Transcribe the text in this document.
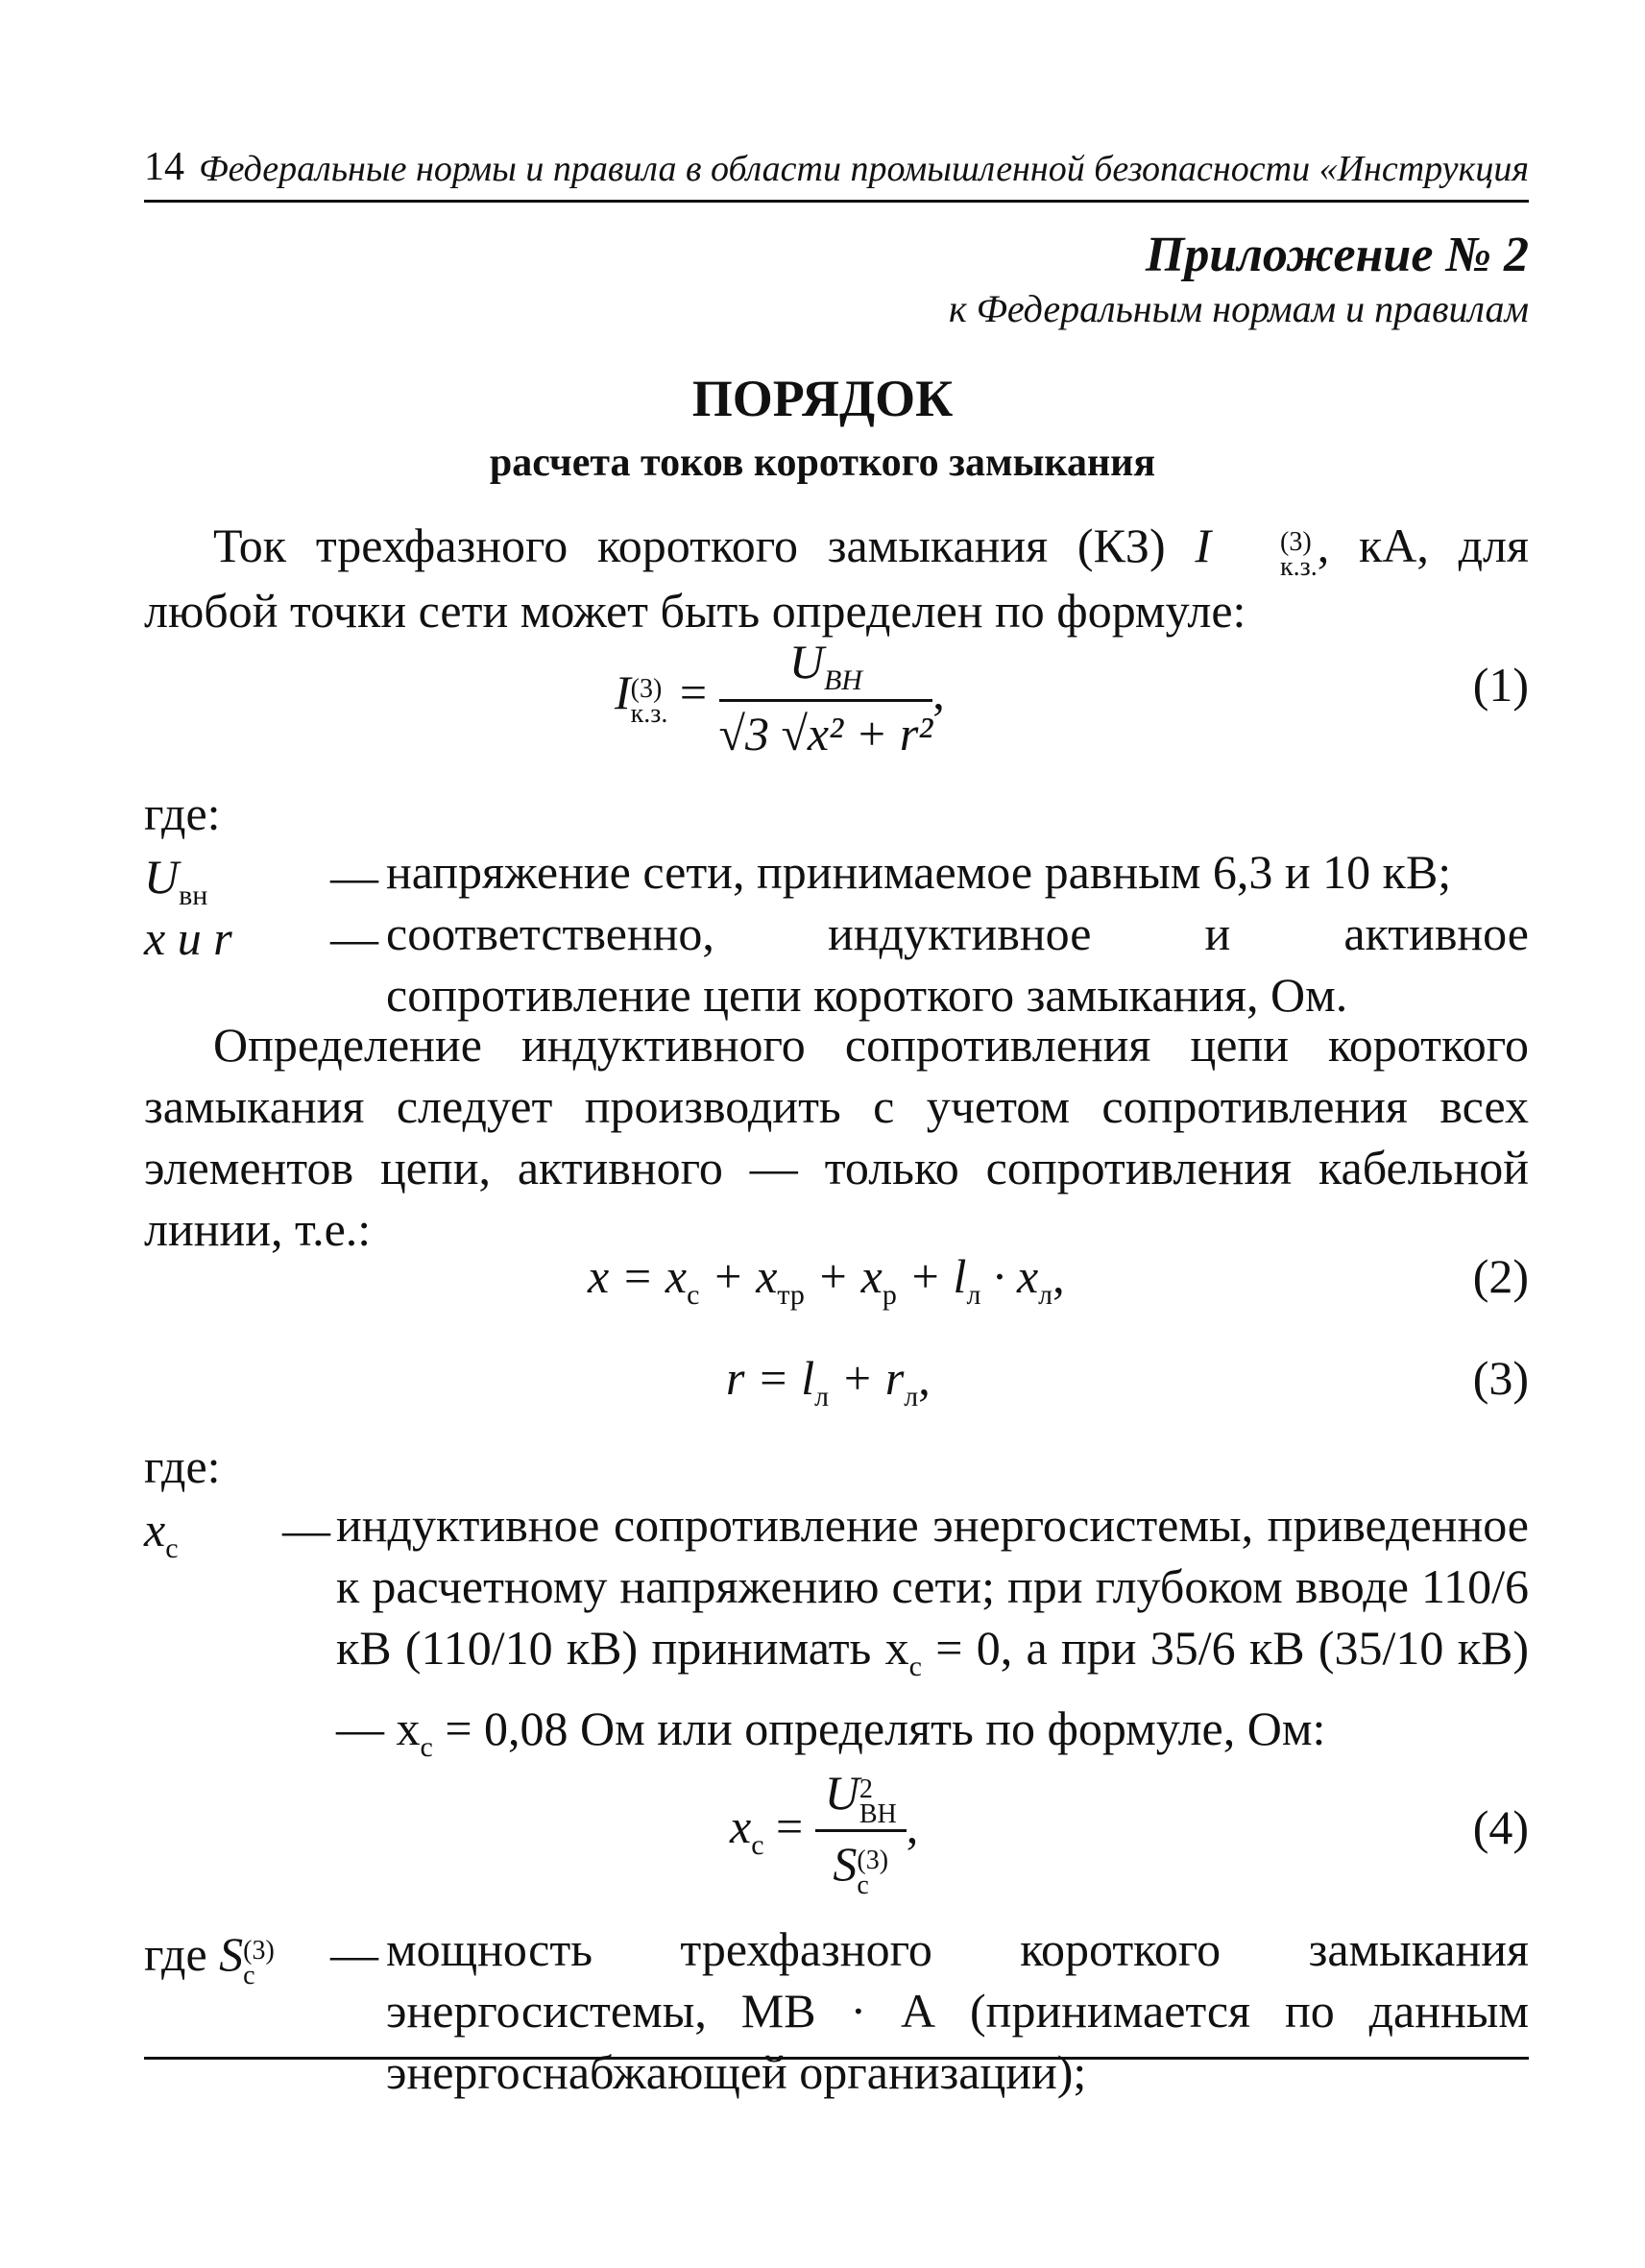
14 Федеральные нормы и правила в области промышленной безопасности «Инструкция
Приложение № 2
к Федеральным нормам и правилам
ПОРЯДОК
расчета токов короткого замыкания
Ток трехфазного короткого замыкания (КЗ) I	(3)
к.з. , кА, для любой точки сети может быть определен по формуле:
I (3)
к.з. = $\frac{U_{ВН}}{\text{√3 √x² + r²}}$ ,	(1)
где:
$U_{вн}$	— напряжение сети, принимаемое равным 6,3 и 10 кВ;
x и r — соответственно, индуктивное и активное сопротивление цепи короткого замыкания, Ом.
Определение индуктивного сопротивления цепи короткого замыкания следует производить с учетом сопротивления всех элементов цепи, активного — только сопротивления кабельной линии, т.е.:
$x = x_с + x_{тр} + x_р + l_л \cdot x_л$,	(2)
$r = l_л + r_л$,	(3)
где:
$x_с$ — индуктивное сопротивление энергосистемы, приведенное к расчетному напряжению сети; при глубоком вводе 110/6 кВ (110/10 кВ) принимать $x_с = 0$, а при 35/6 кВ (35/10 кВ) — $x_с = 0,08$ Ом или определять по формуле, Ом:
$x_с = U$ 2
ВН
S (3)
с ,	(4)
где S (3)
с	— мощность трехфазного короткого замыкания энергосистемы, МВ · А (принимается по данным энергоснабжающей организации);
